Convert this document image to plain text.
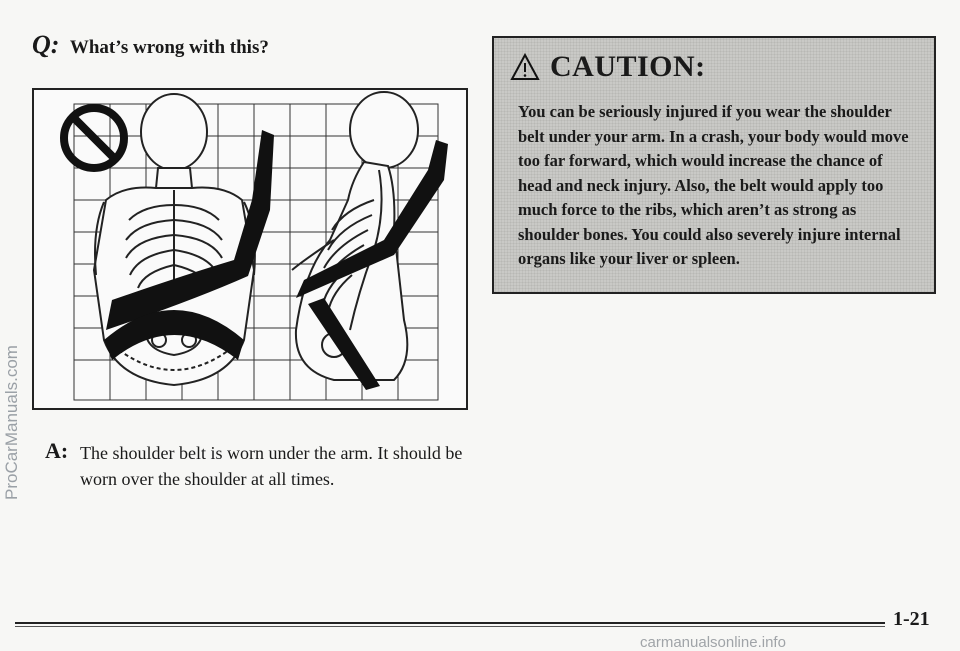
Q: What’s wrong with this?
A: The shoulder belt is worn under the arm. It should be worn over the shoulder at all times.
CAUTION:
You can be seriously injured if you wear the shoulder belt under your arm. In a crash, your body would move too far forward, which would increase the chance of head and neck injury. Also, the belt would apply too much force to the ribs, which aren’t as strong as shoulder bones. You could also severely injure internal organs like your liver or spleen.
ProCarManuals.com
1-21
carmanualsonline.info
